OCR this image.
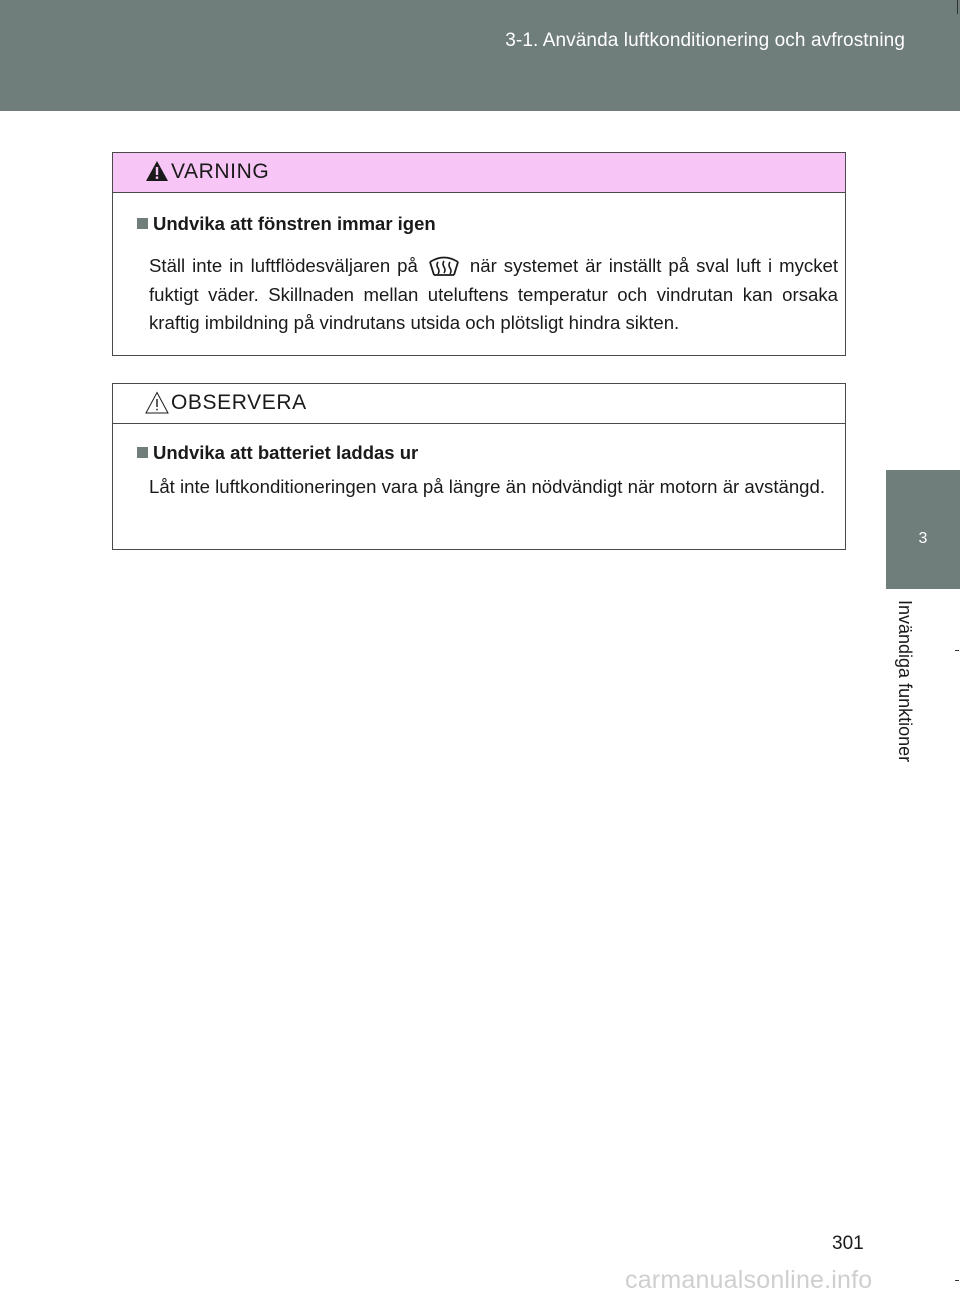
3-1. Använda luftkonditionering och avfrostning
3
Invändiga funktioner
VARNING
Undvika att fönstren immar igen
Ställ inte in luftflödesväljaren på	när systemet är inställt på sval luft i mycket fuktigt väder. Skillnaden mellan uteluftens temperatur och vindrutan kan orsaka kraftig imbildning på vindrutans utsida och plötsligt hindra sikten.
OBSERVERA
Undvika att batteriet laddas ur
Låt inte luftkonditioneringen vara på längre än nödvändigt när motorn är avstängd.
301
carmanualsonline.info
